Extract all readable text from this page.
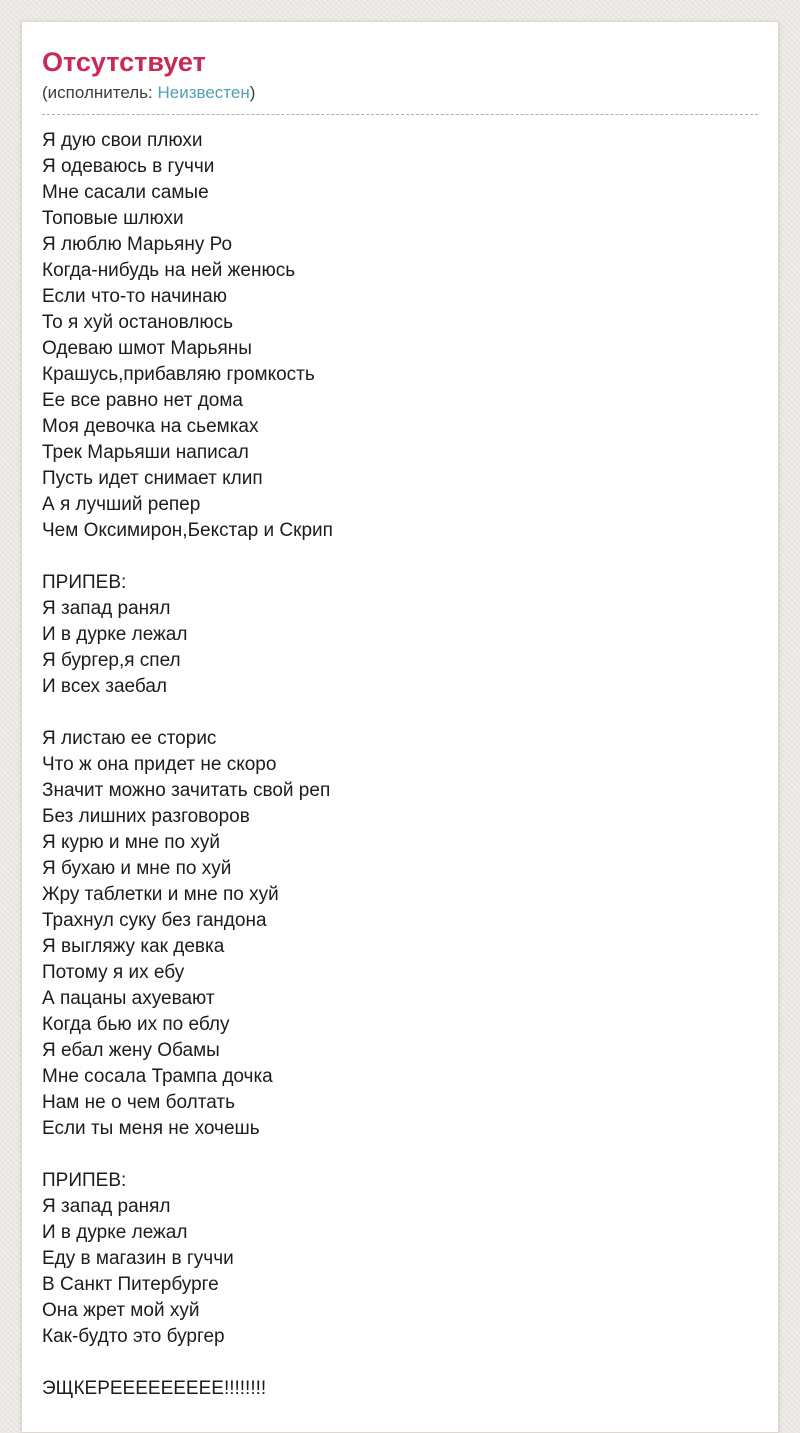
Отсутствует
(исполнитель: Неизвестен)
Я дую свои плюхи
Я одеваюсь в гуччи
Мне сасали самые
Топовые шлюхи
Я люблю Марьяну Ро
Когда-нибудь на ней женюсь
Если что-то начинаю
То я хуй остановлюсь
Одеваю шмот Марьяны
Крашусь,прибавляю громкость
Ее все равно нет дома
Моя девочка на сьемках
Трек Марьяши написал
Пусть идет снимает клип
А я лучший репер
Чем Оксимирон,Бекстар и Скрип

ПРИПЕВ:
Я запад ранял
И в дурке лежал
Я бургер,я спел
И всех заебал

Я листаю ее сторис
Что ж она придет не скоро
Значит можно зачитать свой реп
Без лишних разговоров
Я курю и мне по хуй
Я бухаю и мне по хуй
Жру таблетки и мне по хуй
Трахнул суку без гандона
Я выгляжу как девка
Потому я их ебу
А пацаны ахуевают
Когда бью их по еблу
Я ебал жену Обамы
Мне сосала Трампа дочка
Нам не о чем болтать
Если ты меня не хочешь

ПРИПЕВ:
Я запад ранял
И в дурке лежал
Еду в магазин в гуччи
В Санкт Питербурге
Она жрет мой хуй
Как-будто это бургер

ЭЩКЕРЕЕЕЕЕЕЕЕЕ!!!!!!!!
